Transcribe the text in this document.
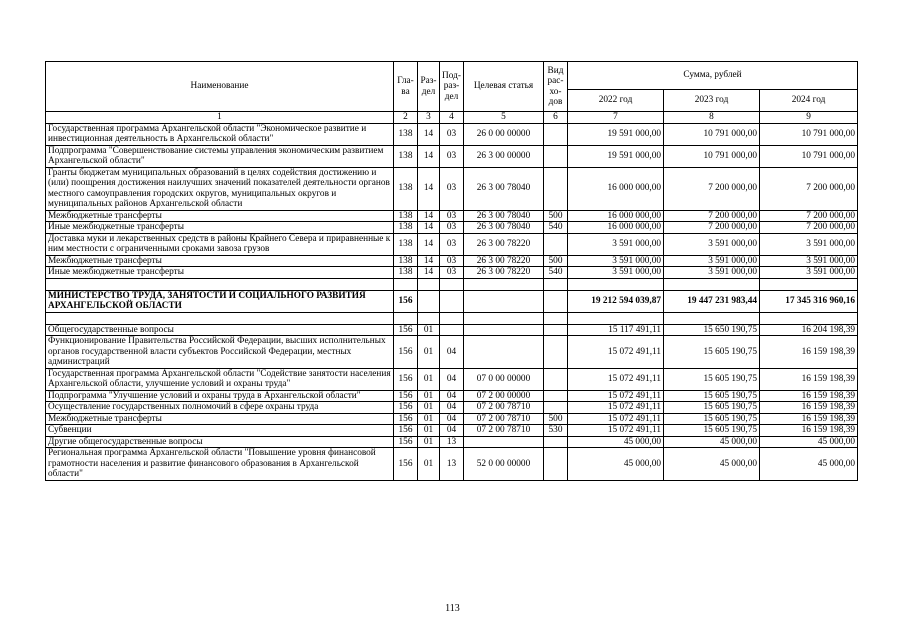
Наименование	Гла-ва	Раз-дел	Под-раз-дел	Целевая статья	Вид рас-хо-дов	Сумма, рублей		
						2022 год	2023 год	2024 год
1	2	3	4	5	6	7	8	9
Государственная программа Архангельской области "Экономическое развитие и инвестиционная деятельность в Архангельской области"	138	14	03	26 0 00 00000		19 591 000,00	10 791 000,00	10 791 000,00
Подпрограмма "Совершенствование системы управления экономическим развитием Архангельской области"	138	14	03	26 3 00 00000		19 591 000,00	10 791 000,00	10 791 000,00
Гранты бюджетам муниципальных образований в целях содействия достижению и (или) поощрения достижения наилучших значений показателей деятельности органов местного самоуправления городских округов, муниципальных округов и муниципальных районов Архангельской области	138	14	03	26 3 00 78040		16 000 000,00	7 200 000,00	7 200 000,00
Межбюджетные трансферты	138	14	03	26 3 00 78040	500	16 000 000,00	7 200 000,00	7 200 000,00
Иные межбюджетные трансферты	138	14	03	26 3 00 78040	540	16 000 000,00	7 200 000,00	7 200 000,00
Доставка муки и лекарственных средств в районы Крайнего Севера и приравненные к ним местности с ограниченными сроками завоза грузов	138	14	03	26 3 00 78220		3 591 000,00	3 591 000,00	3 591 000,00
Межбюджетные трансферты	138	14	03	26 3 00 78220	500	3 591 000,00	3 591 000,00	3 591 000,00
Иные межбюджетные трансферты	138	14	03	26 3 00 78220	540	3 591 000,00	3 591 000,00	3 591 000,00

МИНИСТЕРСТВО ТРУДА, ЗАНЯТОСТИ И СОЦИАЛЬНОГО РАЗВИТИЯ АРХАНГЕЛЬСКОЙ ОБЛАСТИ	156					19 212 594 039,87	19 447 231 983,44	17 345 316 960,16

Общегосударственные вопросы	156	01				15 117 491,11	15 650 190,75	16 204 198,39
Функционирование Правительства Российской Федерации, высших исполнительных органов государственной власти субъектов Российской Федерации, местных администраций	156	01	04			15 072 491,11	15 605 190,75	16 159 198,39
Государственная программа Архангельской области "Содействие занятости населения Архангельской области, улучшение условий и охраны труда"	156	01	04	07 0 00 00000		15 072 491,11	15 605 190,75	16 159 198,39
Подпрограмма "Улучшение условий и охраны труда в Архангельской области"	156	01	04	07 2 00 00000		15 072 491,11	15 605 190,75	16 159 198,39
Осуществление государственных полномочий в сфере охраны труда	156	01	04	07 2 00 78710		15 072 491,11	15 605 190,75	16 159 198,39
Межбюджетные трансферты	156	01	04	07 2 00 78710	500	15 072 491,11	15 605 190,75	16 159 198,39
Субвенции	156	01	04	07 2 00 78710	530	15 072 491,11	15 605 190,75	16 159 198,39
Другие общегосударственные вопросы	156	01	13			45 000,00	45 000,00	45 000,00
Региональная программа Архангельской области "Повышение уровня финансовой грамотности населения и развитие финансового образования в Архангельской области"	156	01	13	52 0 00 00000		45 000,00	45 000,00	45 000,00
113
